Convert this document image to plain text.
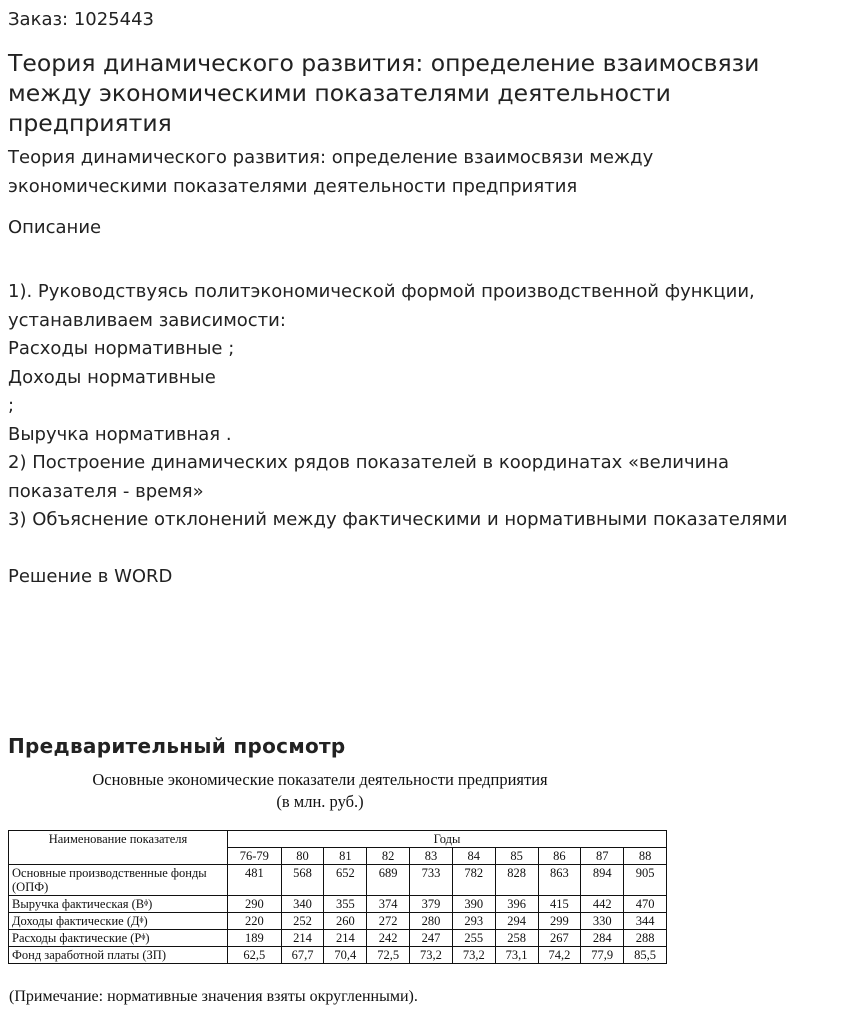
Заказ: 1025443
Теория динамического развития: определение взаимосвязи между экономическими показателями деятельности предприятия
Теория динамического развития: определение взаимосвязи между экономическими показателями деятельности предприятия
Описание
1). Руководствуясь политэкономической формой производственной функции, устанавливаем зависимости:
Расходы нормативные ;
Доходы нормативные
;
Выручка нормативная .
2) Построение динамических рядов показателей в координатах «величина показателя - время»
3) Объяснение отклонений между фактическими и нормативными показателями
Решение в WORD
Предварительный просмотр
Основные экономические показатели деятельности предприятия
(в млн. руб.)
Наименование показателя	Годы									
	76-79	80	81	82	83	84	85	86	87	88
Основные производственные фонды (ОПФ)	481	568	652	689	733	782	828	863	894	905
Выручка фактическая (Вᶲ)	290	340	355	374	379	390	396	415	442	470
Доходы фактические (Дᶲ)	220	252	260	272	280	293	294	299	330	344
Расходы фактические (Рᶲ)	189	214	214	242	247	255	258	267	284	288
Фонд заработной платы (ЗП)	62,5	67,7	70,4	72,5	73,2	73,2	73,1	74,2	77,9	85,5
(Примечание: нормативные значения взяты округленными).
